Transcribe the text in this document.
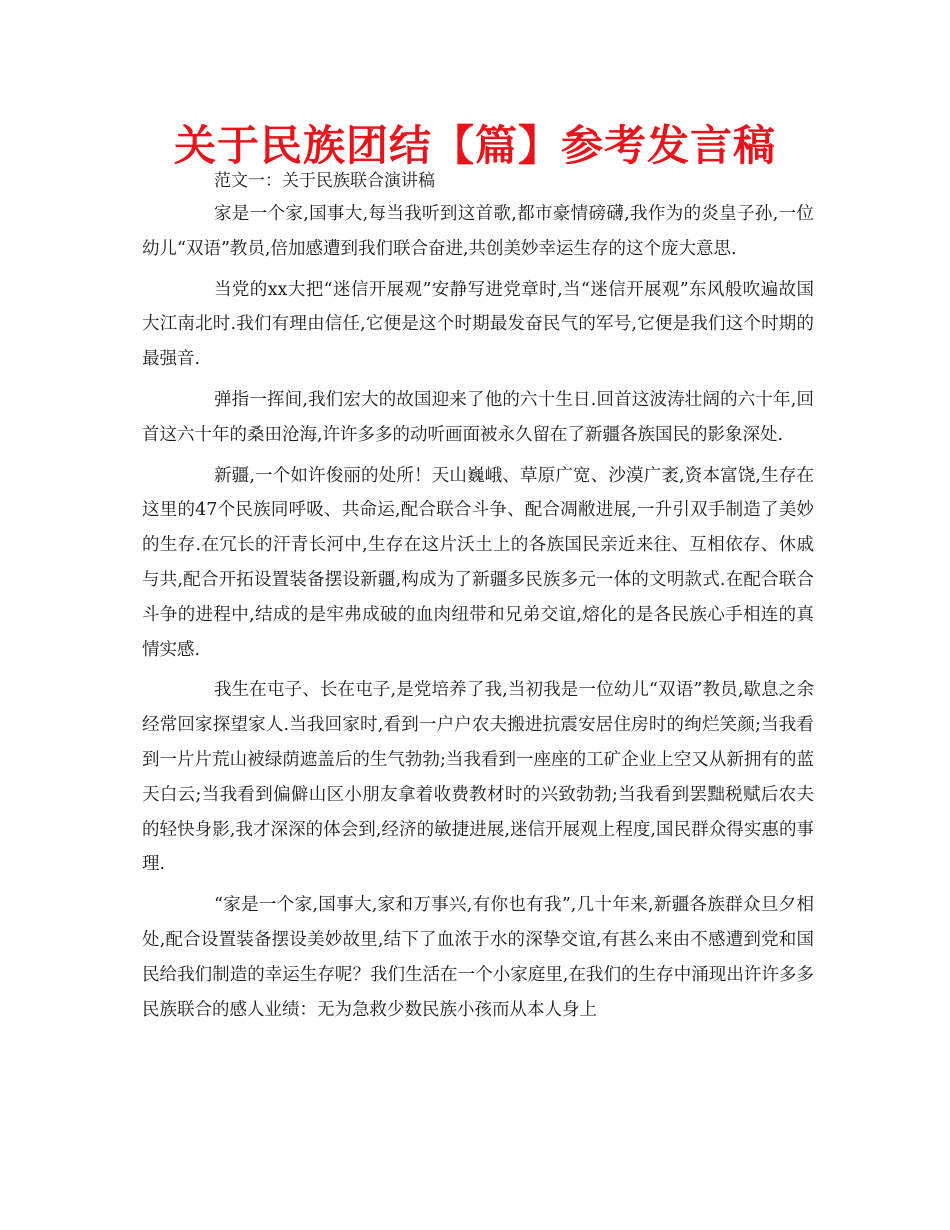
关于民族团结【篇】参考发言稿

范文一：关于民族联合演讲稿

家是一个家,国事大,每当我听到这首歌,都市豪情磅礴,我作为的炎皇子孙,一位幼儿“双语”教员,倍加感遭到我们联合奋进,共创美妙幸运生存的这个庞大意思.

当党的xx大把“迷信开展观”安静写进党章时,当“迷信开展观”东风般吹遍故国大江南北时.我们有理由信任,它便是这个时期最发奋民气的军号,它便是我们这个时期的最强音.

弹指一挥间,我们宏大的故国迎来了他的六十生日.回首这波涛壮阔的六十年,回首这六十年的桑田沧海,许许多多的动听画面被永久留在了新疆各族国民的影象深处.

新疆,一个如许俊丽的处所！天山巍峨、草原广宽、沙漠广袤,资本富饶,生存在这里的47个民族同呼吸、共命运,配合联合斗争、配合凋敝进展,一升引双手制造了美妙的生存.在冗长的汗青长河中,生存在这片沃土上的各族国民亲近来往、互相依存、休戚与共,配合开拓设置装备摆设新疆,构成为了新疆多民族多元一体的文明款式.在配合联合斗争的进程中,结成的是牢弗成破的血肉纽带和兄弟交谊,熔化的是各民族心手相连的真情实感.

我生在屯子、长在屯子,是党培养了我,当初我是一位幼儿“双语”教员,歇息之余经常回家探望家人.当我回家时,看到一户户农夫搬进抗震安居住房时的绚烂笑颜;当我看到一片片荒山被绿荫遮盖后的生气勃勃;当我看到一座座的工矿企业上空又从新拥有的蓝天白云;当我看到偏僻山区小朋友拿着收费教材时的兴致勃勃;当我看到罢黜税赋后农夫的轻快身影,我才深深的体会到,经济的敏捷进展,迷信开展观上程度,国民群众得实惠的事理.

“家是一个家,国事大,家和万事兴,有你也有我”,几十年来,新疆各族群众旦夕相处,配合设置装备摆设美妙故里,结下了血浓于水的深挚交谊,有甚么来由不感遭到党和国民给我们制造的幸运生存呢？我们生活在一个小家庭里,在我们的生存中涌现出许许多多民族联合的感人业绩：无为急救少数民族小孩而从本人身上
